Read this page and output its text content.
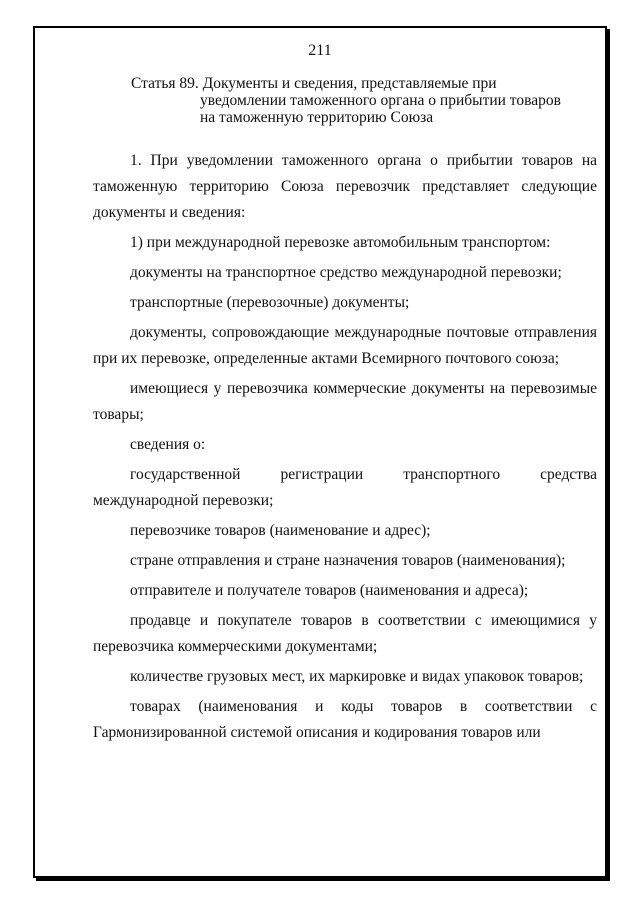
211
Статья 89. Документы и сведения, представляемые при
уведомлении таможенного органа о прибытии товаров
на таможенную территорию Союза

1. При уведомлении таможенного органа о прибытии товаров на таможенную территорию Союза перевозчик представляет следующие документы и сведения:

1) при международной перевозке автомобильным транспортом:

документы на транспортное средство международной перевозки;

транспортные (перевозочные) документы;

документы, сопровождающие международные почтовые отправления при их перевозке, определенные актами Всемирного почтового союза;

имеющиеся у перевозчика коммерческие документы на перевозимые товары;

сведения о:

государственной регистрации транспортного средства международной перевозки;

перевозчике товаров (наименование и адрес);

стране отправления и стране назначения товаров (наименования);

отправителе и получателе товаров (наименования и адреса);

продавце и покупателе товаров в соответствии с имеющимися у перевозчика коммерческими документами;

количестве грузовых мест, их маркировке и видах упаковок товаров;

товарах (наименования и коды товаров в соответствии с Гармонизированной системой описания и кодирования товаров или
